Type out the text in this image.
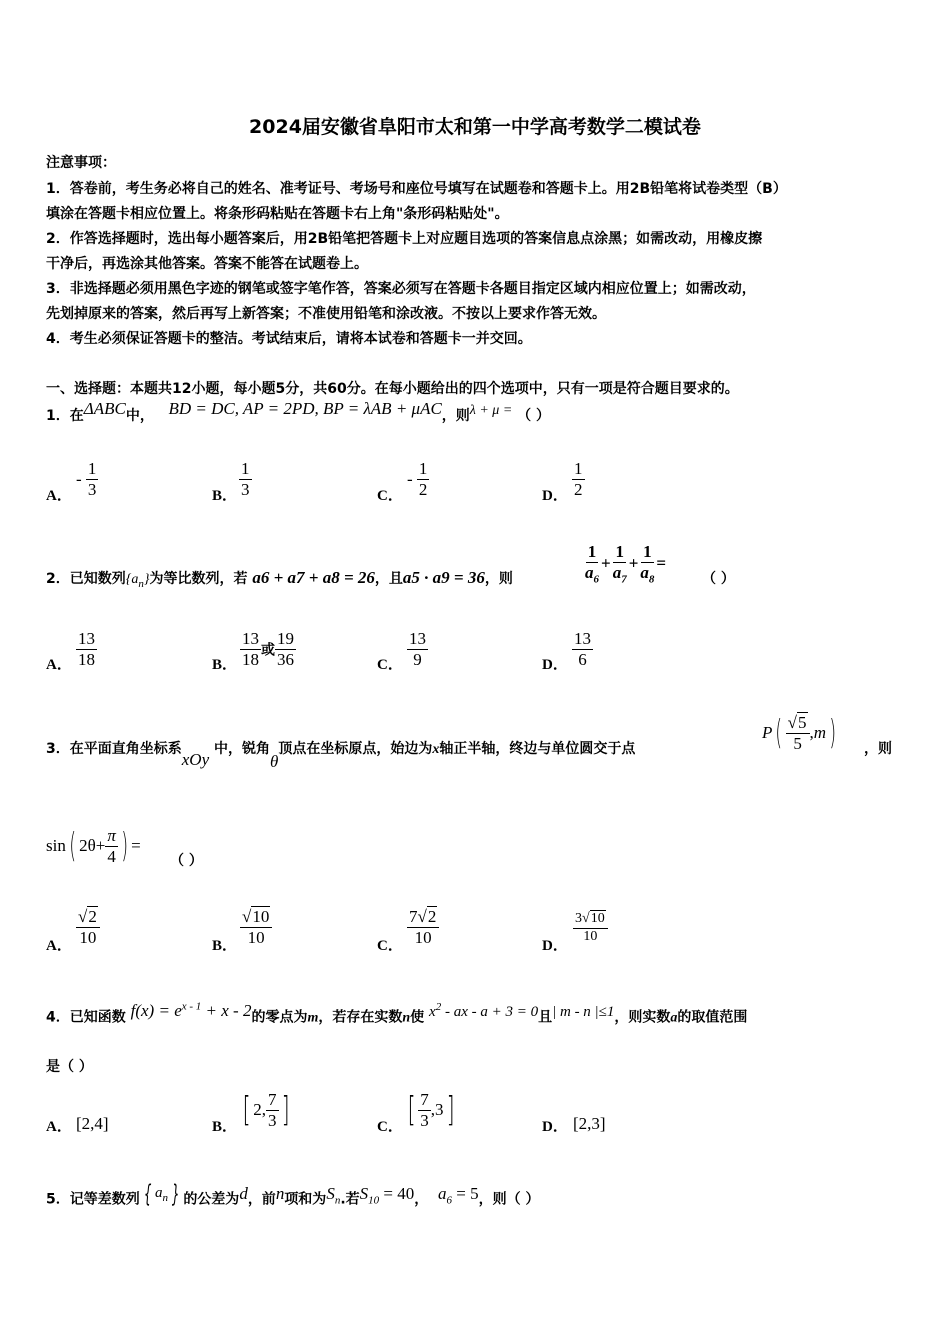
2024届安徽省阜阳市太和第一中学高考数学二模试卷
注意事项：
1．答卷前，考生务必将自己的姓名、准考证号、考场号和座位号填写在试题卷和答题卡上。用2B铅笔将试卷类型（B）
填涂在答题卡相应位置上。将条形码粘贴在答题卡右上角"条形码粘贴处"。
2．作答选择题时，选出每小题答案后，用2B铅笔把答题卡上对应题目选项的答案信息点涂黑；如需改动，用橡皮擦
干净后，再选涂其他答案。答案不能答在试题卷上。
3．非选择题必须用黑色字迹的钢笔或签字笔作答，答案必须写在答题卡各题目指定区域内相应位置上；如需改动，
先划掉原来的答案，然后再写上新答案；不准使用铅笔和涂改液。不按以上要求作答无效。
4．考生必须保证答题卡的整洁。考试结束后，请将本试卷和答题卡一并交回。
一、选择题：本题共12小题，每小题5分，共60分。在每小题给出的四个选项中，只有一项是符合题目要求的。
1．在ΔABC中， BD = DC, AP = 2PD, BP = λAB + μAC，则λ + μ = （ ）
A．
- $\frac{1}{3}$	B． $\frac{1}{3}$	C．
- $\frac{1}{2}$	D． $\frac{1}{2}$
2．已知数列$\{a_n\}$为等比数列，若 a6 + a7 + a8 = 26，且a5 · a9 = 36，则	$\frac{1}{a_6} + \frac{1}{a_7} + \frac{1}{a_8}$ =
（ ）
A． $\frac{13}{18}$	B． $\frac{13}{18}$ 或 $\frac{19}{36}$	C． $\frac{13}{9}$	D． $\frac{13}{6}$
3．在平面直角坐标系xOy 中，锐角θ顶点在坐标原点，始边为x轴正半轴，终边与单位圆交于点
$P( \frac{√5}{5} ,m)$ ，则
sin( $2\theta+ \frac{\pi}{4}$ ) =
（ ）
A． $\frac{√2}{10}$	B． $\frac{√10}{10}$	C． $\frac{7√2}{10}$	D．
$\frac{3√10}{10}$
4．已知函数 $f(x) = e^{x - 1} + x - 2$的零点为m，若存在实数n使 $x^2$ - ax - a + 3 = 0且| m - n |≤1，则实数a的取值范围
是（ ）
A． [2,4]	B． [ 2, $\frac{7}{3}$ ]	C． [ $\frac{7}{3} ,3$]	D． [2,3]
5．记等差数列 { $a_n$ } 的公差为d，前n项和为$S_n$.若$S_{10} = 40$， $a_6 = 5$，则（ ）
